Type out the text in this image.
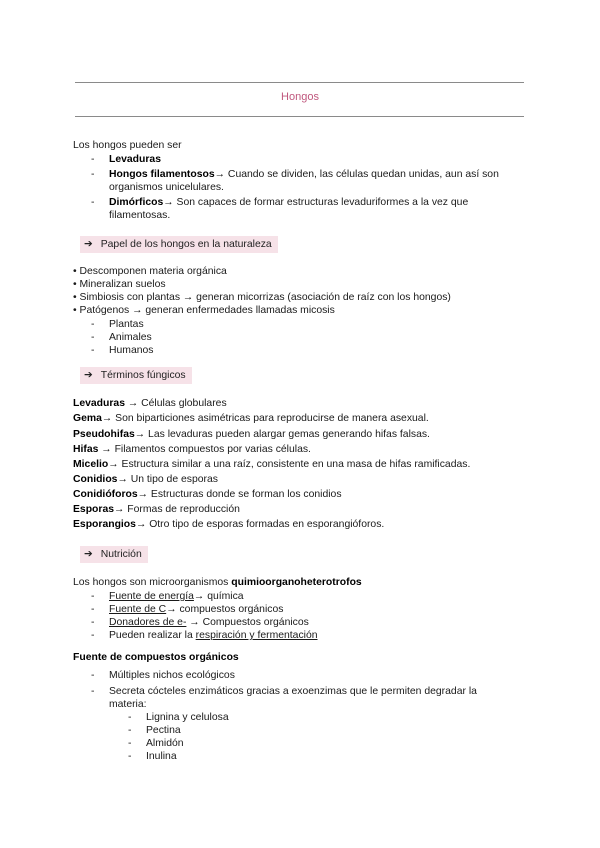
Hongos
Los hongos pueden ser
- Levaduras
- Hongos filamentosos→ Cuando se dividen, las células quedan unidas, aun así son
organismos unicelulares.
- Dimórficos→ Son capaces de formar estructuras levaduriformes a la vez que
filamentosas.
➔ Papel de los hongos en la naturaleza
• Descomponen materia orgánica
• Mineralizan suelos
• Simbiosis con plantas → generan micorrizas (asociación de raíz con los hongos)
• Patógenos → generan enfermedades llamadas micosis
- Plantas
- Animales
- Humanos
➔ Términos fúngicos
Levaduras → Células globulares
Gema→ Son biparticiones asimétricas para reproducirse de manera asexual.
Pseudohifas→ Las levaduras pueden alargar gemas generando hifas falsas.
Hifas → Filamentos compuestos por varias células.
Micelio→ Estructura similar a una raíz, consistente en una masa de hifas ramificadas.
Conidios→ Un tipo de esporas
Conidióforos→ Estructuras donde se forman los conidios
Esporas→ Formas de reproducción
Esporangios→ Otro tipo de esporas formadas en esporangióforos.
➔ Nutrición
Los hongos son microorganismos quimioorganoheterotrofos
- Fuente de energía→ química
- Fuente de C→ compuestos orgánicos
- Donadores de e- → Compuestos orgánicos
- Pueden realizar la respiración y fermentación
Fuente de compuestos orgánicos
- Múltiples nichos ecológicos
- Secreta cócteles enzimáticos gracias a exoenzimas que le permiten degradar la
materia:
- Lignina y celulosa
- Pectina
- Almidón
- Inulina
